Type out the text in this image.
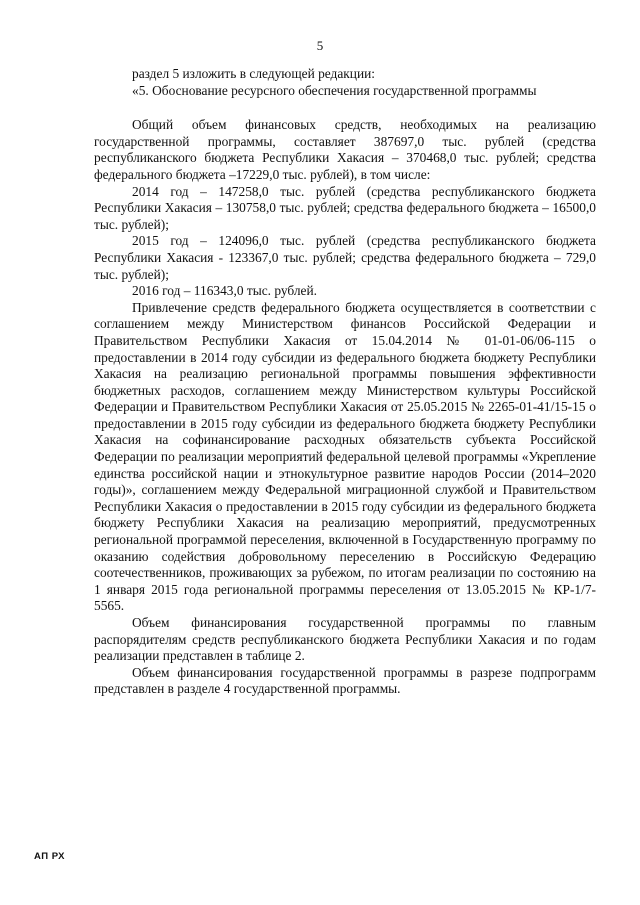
5

раздел 5 изложить в следующей редакции:

«5. Обоснование ресурсного обеспечения государственной программы

Общий объем финансовых средств, необходимых на реализацию государственной программы, составляет 387697,0 тыс. рублей (средства республиканского бюджета Республики Хакасия – 370468,0 тыс. рублей; средства федерального бюджета –17229,0 тыс. рублей), в том числе:

2014 год – 147258,0 тыс. рублей (средства республиканского бюджета Республики Хакасия – 130758,0 тыс. рублей; средства федерального бюджета – 16500,0 тыс. рублей);

2015 год – 124096,0 тыс. рублей (средства республиканского бюджета Республики Хакасия - 123367,0 тыс. рублей; средства федерального бюджета – 729,0 тыс. рублей);

2016 год – 116343,0 тыс. рублей.

Привлечение средств федерального бюджета осуществляется в соответствии с соглашением между Министерством финансов Российской Федерации и Правительством Республики Хакасия от 15.04.2014 № 01-01-06/06-115 о предоставлении в 2014 году субсидии из федерального бюджета бюджету Республики Хакасия на реализацию региональной программы повышения эффективности бюджетных расходов, соглашением между Министерством культуры Российской Федерации и Правительством Республики Хакасия от 25.05.2015 № 2265-01-41/15-15 о предоставлении в 2015 году субсидии из федерального бюджета бюджету Республики Хакасия на софинансирование расходных обязательств субъекта Российской Федерации по реализации мероприятий федеральной целевой программы «Укрепление единства российской нации и этнокультурное развитие народов России (2014–2020 годы)», соглашением между Федеральной миграционной службой и Правительством Республики Хакасия о предоставлении в 2015 году субсидии из федерального бюджета бюджету Республики Хакасия на реализацию мероприятий, предусмотренных региональной программой переселения, включенной в Государственную программу по оказанию содействия добровольному переселению в Российскую Федерацию соотечественников, проживающих за рубежом, по итогам реализации по состоянию на 1 января 2015 года региональной программы переселения от 13.05.2015 № КР-1/7-5565.

Объем финансирования государственной программы по главным распорядителям средств республиканского бюджета Республики Хакасия и по годам реализации представлен в таблице 2.

Объем финансирования государственной программы в разрезе подпрограмм представлен в разделе 4 государственной программы.

АП РХ
